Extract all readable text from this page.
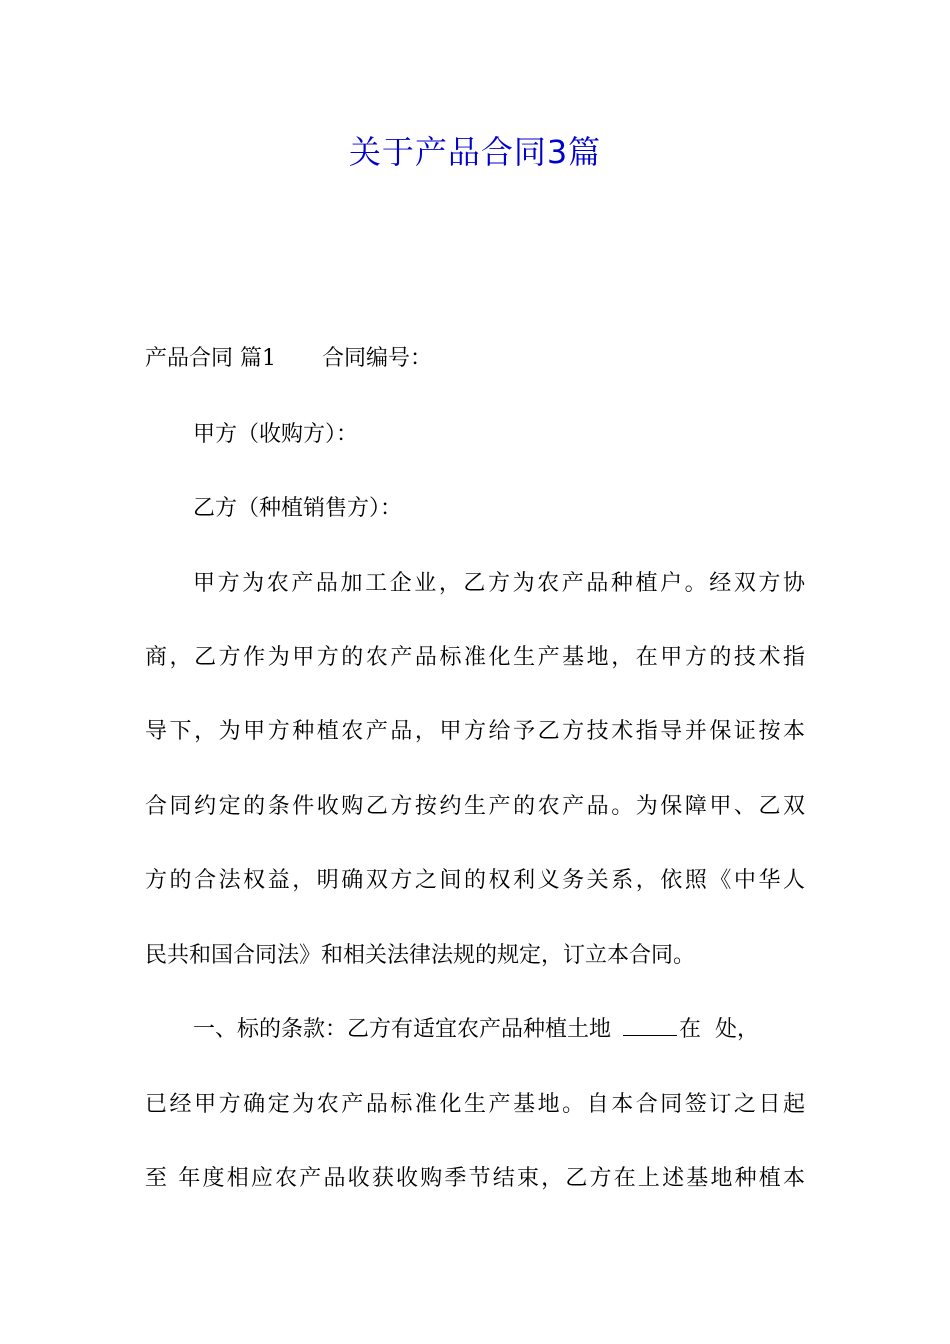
关于产品合同3篇
产品合同 篇1 合同编号：
甲方（收购方）：
乙方（种植销售方）：
甲方为农产品加工企业，乙方为农产品种植户。经双方协
商，乙方作为甲方的农产品标准化生产基地，在甲方的技术指
导下，为甲方种植农产品，甲方给予乙方技术指导并保证按本
合同约定的条件收购乙方按约生产的农产品。为保障甲、乙双
方的合法权益，明确双方之间的权利义务关系，依照《中华人
民共和国合同法》和相关法律法规的规定，订立本合同。
一、标的条款：乙方有适宜农产品种植土地	在 处，
已经甲方确定为农产品标准化生产基地。自本合同签订之日起
至 年度相应农产品收获收购季节结束，乙方在上述基地种植本
